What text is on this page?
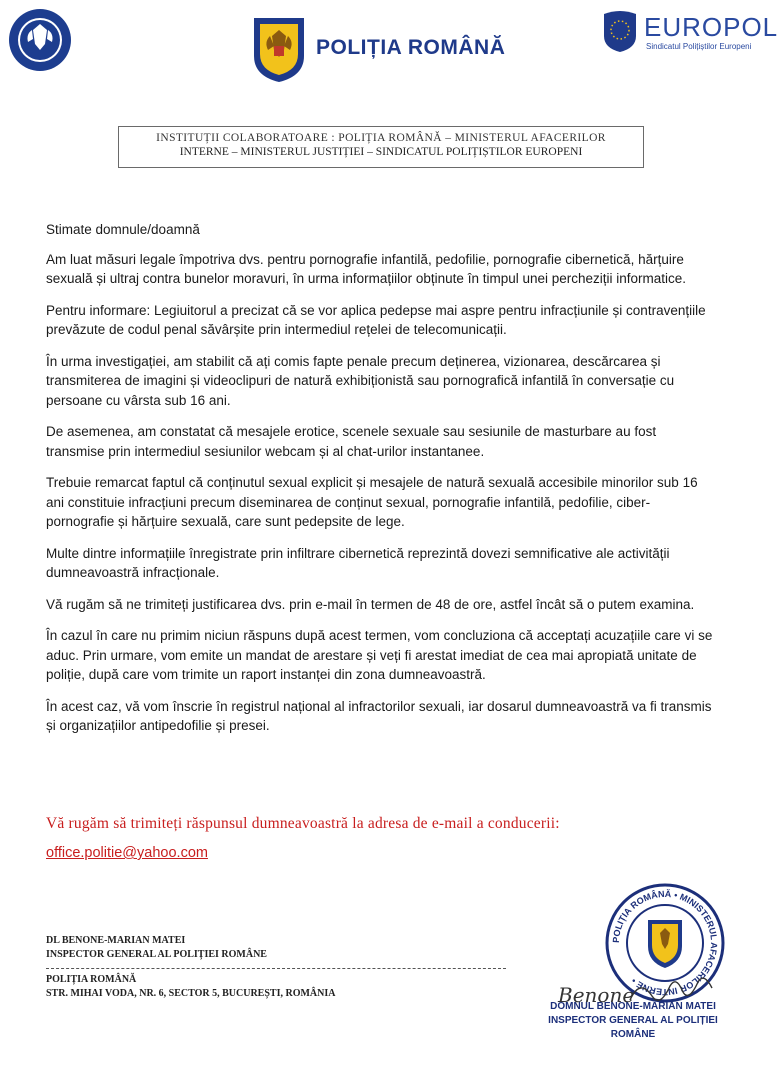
POLIȚIA ROMÂNĂ
EUROPOL
Sindicatul Polițiștilor Europeni
INSTITUȚII COLABORATOARE : POLIȚIA ROMÂNĂ – MINISTERUL AFACERILOR
INTERNE – MINISTERUL JUSTIȚIEI – SINDICATUL POLIȚIȘTILOR EUROPENI

Stimate domnule/doamnă

Am luat măsuri legale împotriva dvs. pentru pornografie infantilă, pedofilie, pornografie cibernetică, hărțuire sexuală și ultraj contra bunelor moravuri, în urma informațiilor obținute în timpul unei percheziții informatice.

Pentru informare: Legiuitorul a precizat că se vor aplica pedepse mai aspre pentru infracțiunile și contravențiile prevăzute de codul penal săvârșite prin intermediul rețelei de telecomunicații.

În urma investigației, am stabilit că ați comis fapte penale precum deținerea, vizionarea, descărcarea și transmiterea de imagini și videoclipuri de natură exhibiționistă sau pornografică infantilă în conversație cu persoane cu vârsta sub 16 ani.

De asemenea, am constatat că mesajele erotice, scenele sexuale sau sesiunile de masturbare au fost transmise prin intermediul sesiunilor webcam și al chat-urilor instantanee.

Trebuie remarcat faptul că conținutul sexual explicit și mesajele de natură sexuală accesibile minorilor sub 16 ani constituie infracțiuni precum diseminarea de conținut sexual, pornografie infantilă, pedofilie, ciber-pornografie și hărțuire sexuală, care sunt pedepsite de lege.

Multe dintre informațiile înregistrate prin infiltrare cibernetică reprezintă dovezi semnificative ale activității dumneavoastră infracționale.

Vă rugăm să ne trimiteți justificarea dvs. prin e-mail în termen de 48 de ore, astfel încât să o putem examina.

În cazul în care nu primim niciun răspuns după acest termen, vom concluziona că acceptați acuzațiile care vi se aduc. Prin urmare, vom emite un mandat de arestare și veți fi arestat imediat de cea mai apropiată unitate de poliție, după care vom trimite un raport instanței din zona dumneavoastră.

În acest caz, vă vom înscrie în registrul național al infractorilor sexuali, iar dosarul dumneavoastră va fi transmis și organizațiilor antipedofilie și presei.

Vă rugăm să trimiteți răspunsul dumneavoastră la adresa de e-mail a conducerii:
office.politie@yahoo.com
DL BENONE-MARIAN MATEI
INSPECTOR GENERAL AL POLIȚIEI ROMÂNE
POLIȚIA ROMÂNĂ
STR. MIHAI VODA, NR. 6, SECTOR 5, BUCUREȘTI, ROMÂNIA
POLIȚIA ROMÂNĂ • MINISTERUL AFACERILOR INTERNE •
Benone
DOMNUL BENONE-MARIAN MATEI
INSPECTOR GENERAL AL POLIȚIEI
ROMÂNE
